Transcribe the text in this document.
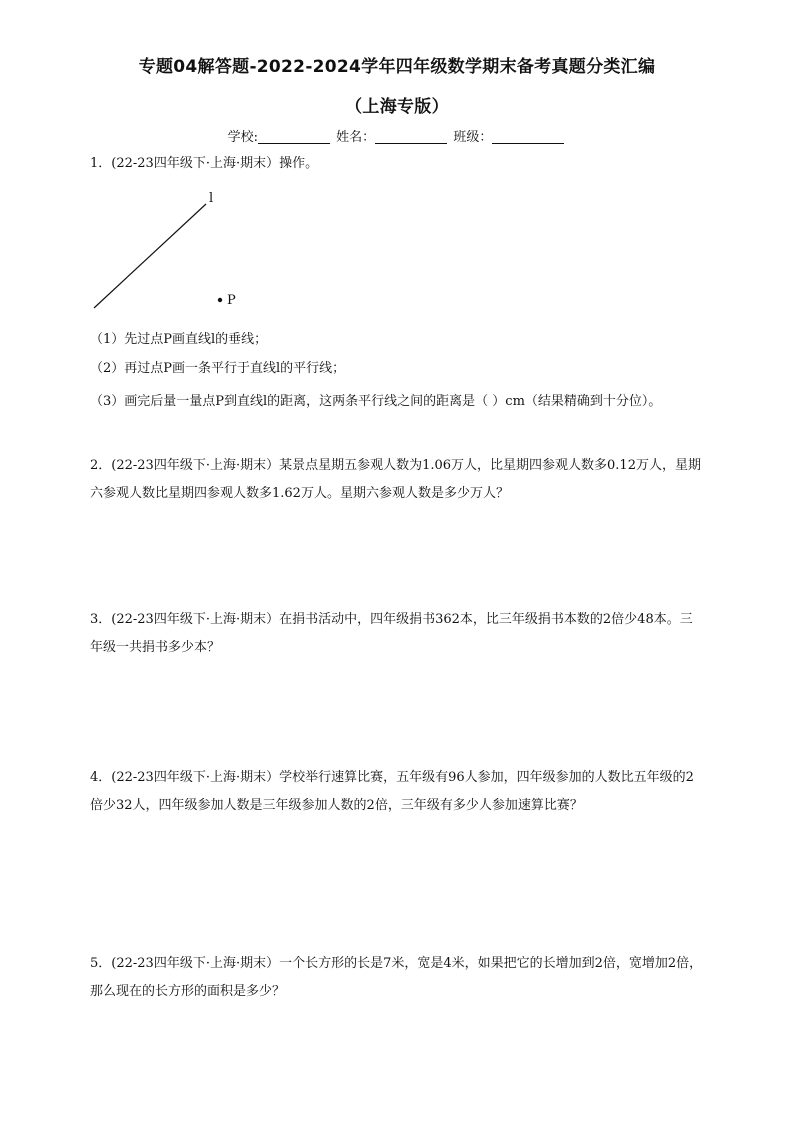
专题04解答题-2022-2024学年四年级数学期末备考真题分类汇编
（上海专版）
学校:	姓名：	班级：
1．(22-23四年级下·上海·期末）操作。
l
P
（1）先过点P画直线l的垂线；
（2）再过点P画一条平行于直线l的平行线；
（3）画完后量一量点P到直线l的距离，这两条平行线之间的距离是（ ）cm（结果精确到十分位）。
2．(22-23四年级下·上海·期末）某景点星期五参观人数为1.06万人，比星期四参观人数多0.12万人，星期六参观人数比星期四参观人数多1.62万人。星期六参观人数是多少万人？
3．(22-23四年级下·上海·期末）在捐书活动中，四年级捐书362本，比三年级捐书本数的2倍少48本。三年级一共捐书多少本？
4．(22-23四年级下·上海·期末）学校举行速算比赛，五年级有96人参加，四年级参加的人数比五年级的2倍少32人，四年级参加人数是三年级参加人数的2倍，三年级有多少人参加速算比赛？
5．(22-23四年级下·上海·期末）一个长方形的长是7米，宽是4米，如果把它的长增加到2倍，宽增加2倍，那么现在的长方形的面积是多少？
